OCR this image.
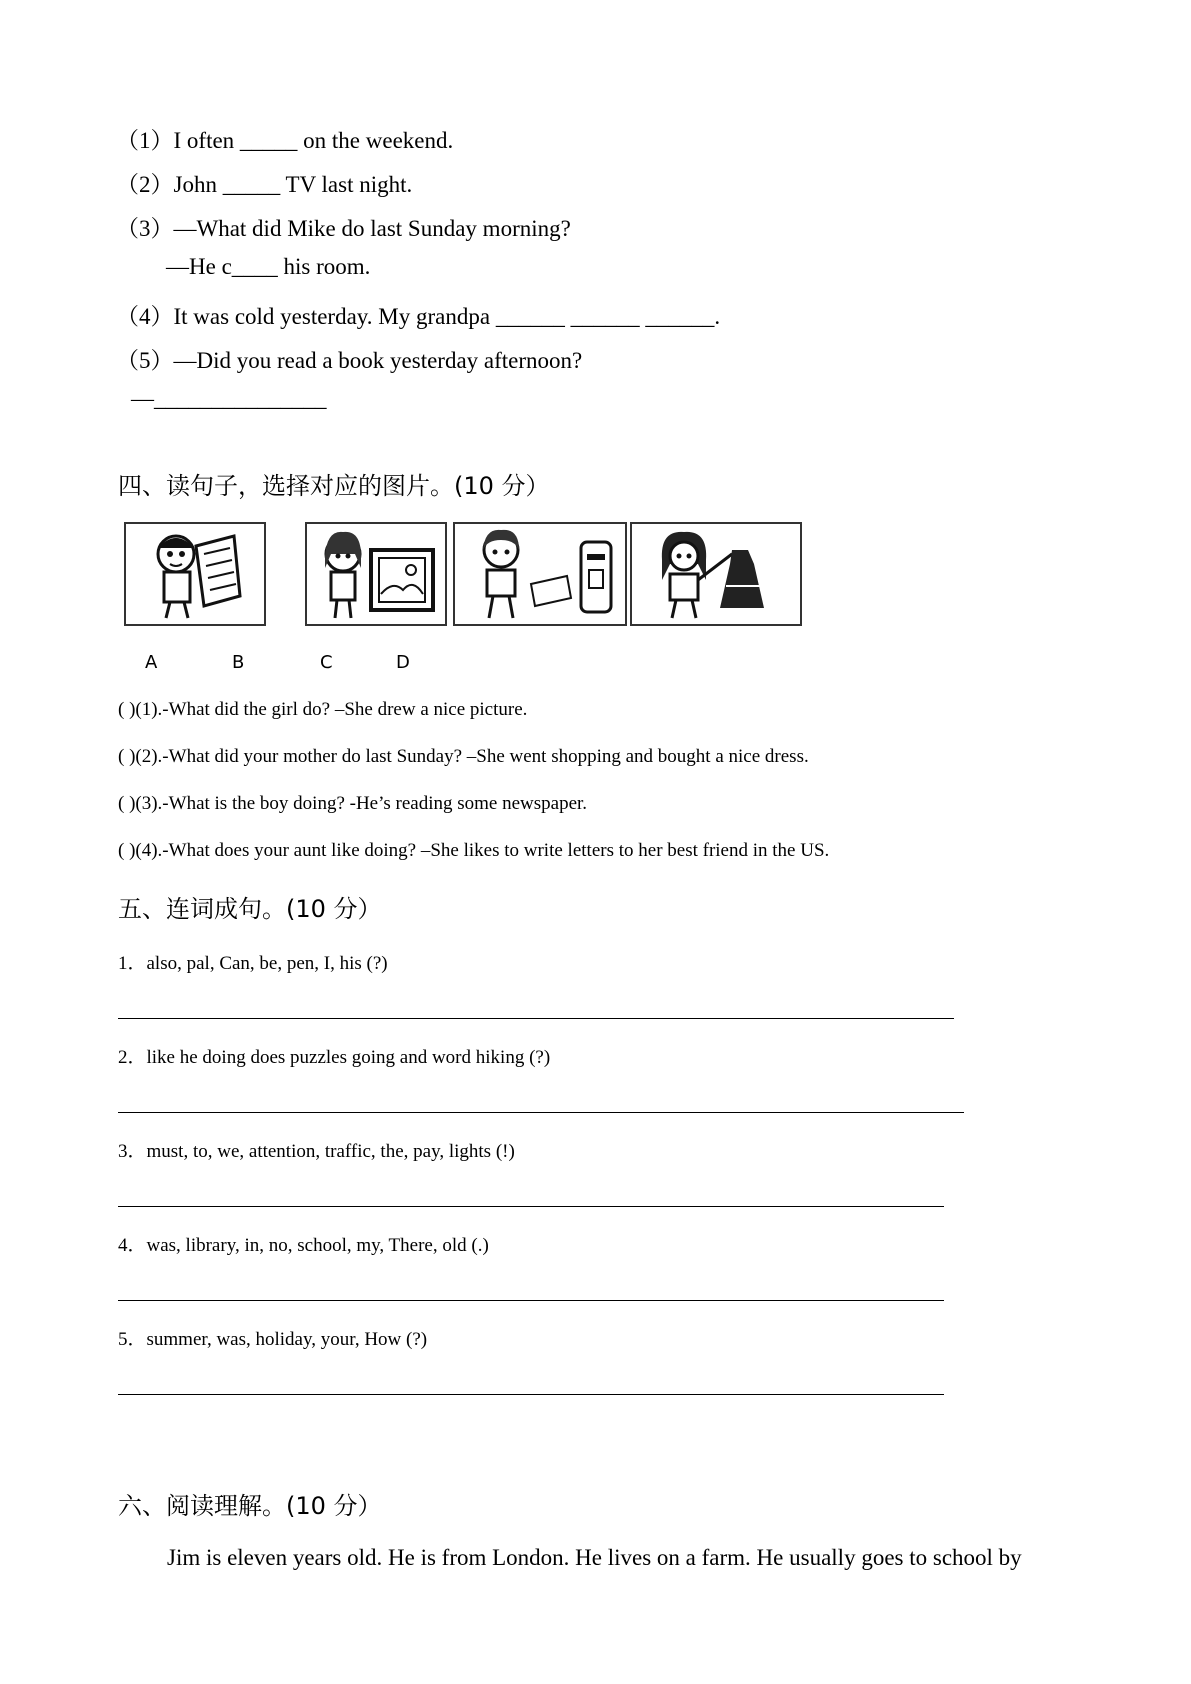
（1）I often _____ on the weekend.
（2）John _____ TV last night.
（3）—What did Mike do last Sunday morning?
—He c____ his room.
（4）It was cold yesterday. My grandpa ______ ______ ______.
（5）—Did you read a book yesterday afternoon?
—_______________
四、读句子，选择对应的图片。(10 分）
A	B	C	D
( )(1).-What did the girl do? –She drew a nice picture.
( )(2).-What did your mother do last Sunday? –She went shopping and bought a nice dress.
( )(3).-What is the boy doing? -He’s reading some newspaper.
( )(4).-What does your aunt like doing? –She likes to write letters to her best friend in the US.
五、连词成句。(10 分）
1．also, pal, Can, be, pen, I, his (?)
2．like he doing does puzzles going and word hiking (?)
3．must, to, we, attention, traffic, the, pay, lights (!)
4．was, library, in, no, school, my, There, old (.)
5．summer, was, holiday, your, How (?)
六、阅读理解。(10 分）
Jim is eleven years old. He is from London. He lives on a farm. He usually goes to school by
